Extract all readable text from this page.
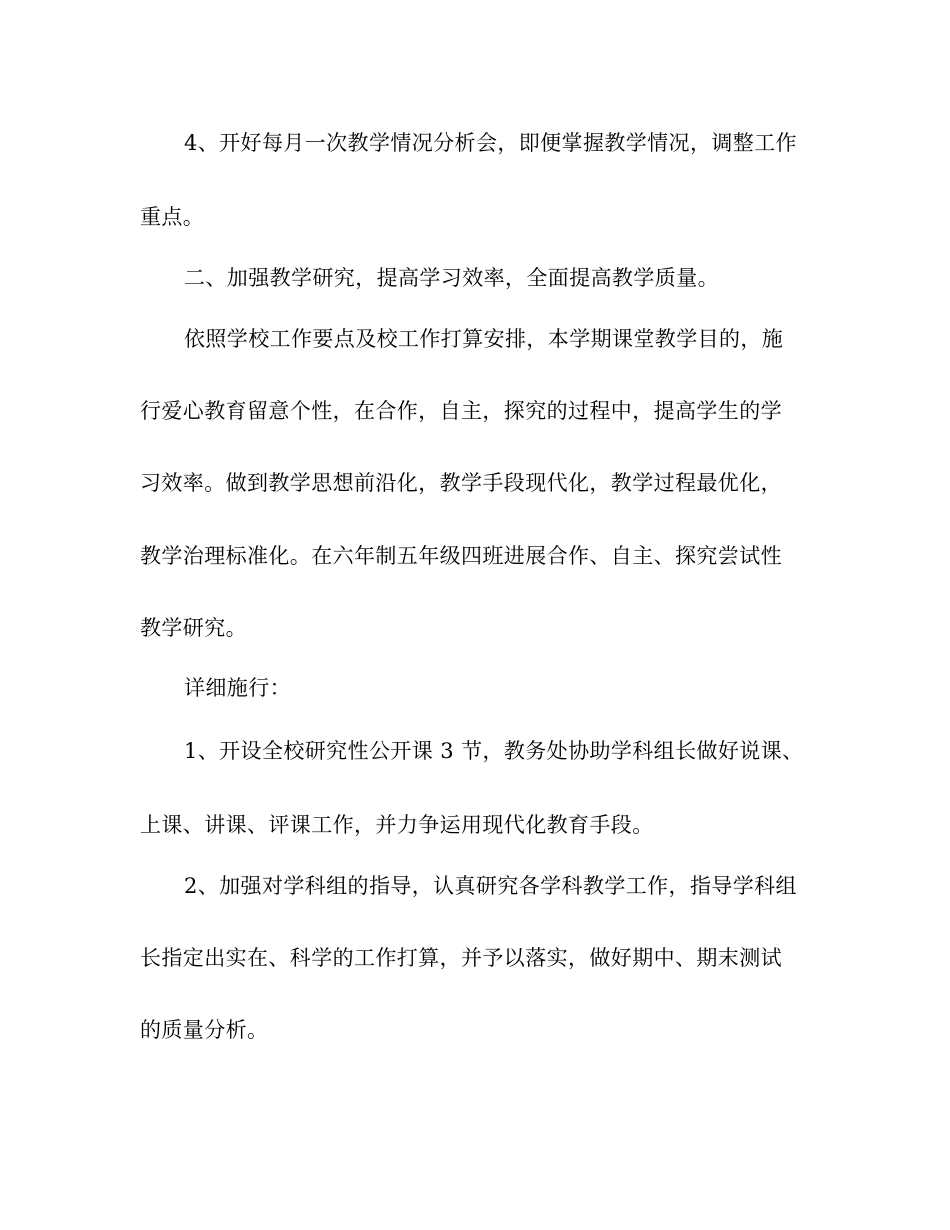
4、开好每月一次教学情况分析会，即便掌握教学情况，调整工作
重点。
二、加强教学研究，提高学习效率，全面提高教学质量。
依照学校工作要点及校工作打算安排，本学期课堂教学目的，施
行爱心教育留意个性，在合作，自主，探究的过程中，提高学生的学
习效率。做到教学思想前沿化，教学手段现代化，教学过程最优化，
教学治理标准化。在六年制五年级四班进展合作、自主、探究尝试性
教学研究。
详细施行：
1、开设全校研究性公开课 3 节，教务处协助学科组长做好说课、
上课、讲课、评课工作，并力争运用现代化教育手段。
2、加强对学科组的指导，认真研究各学科教学工作，指导学科组
长指定出实在、科学的工作打算，并予以落实，做好期中、期末测试
的质量分析。
